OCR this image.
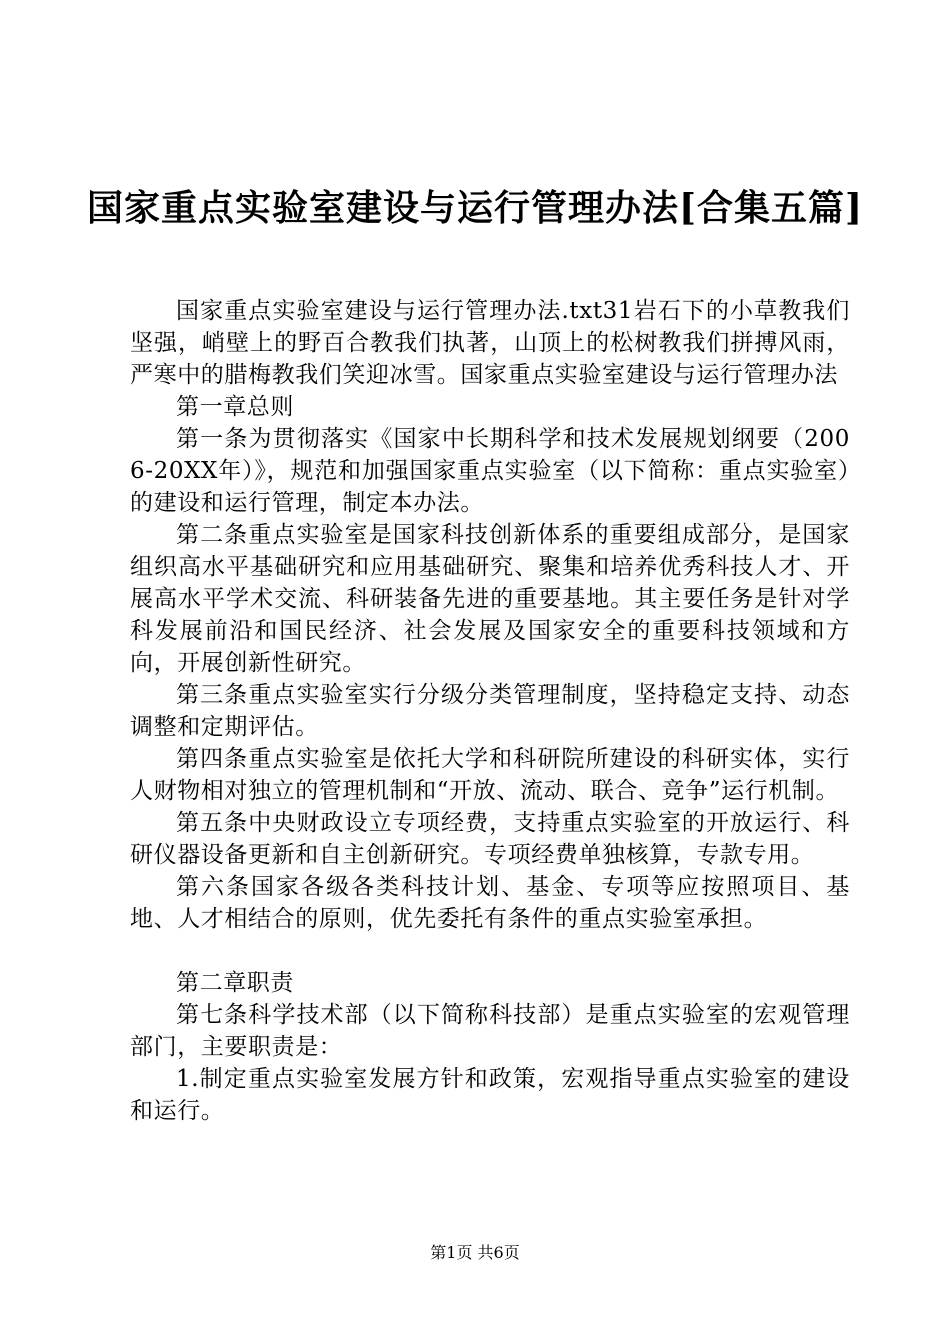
国家重点实验室建设与运行管理办法[合集五篇]

国家重点实验室建设与运行管理办法.txt31岩石下的小草教我们坚强，峭壁上的野百合教我们执著，山顶上的松树教我们拼搏风雨，严寒中的腊梅教我们笑迎冰雪。国家重点实验室建设与运行管理办法

第一章总则

第一条为贯彻落实《国家中长期科学和技术发展规划纲要（2006-20XX年）》，规范和加强国家重点实验室（以下简称：重点实验室）的建设和运行管理，制定本办法。

第二条重点实验室是国家科技创新体系的重要组成部分，是国家组织高水平基础研究和应用基础研究、聚集和培养优秀科技人才、开展高水平学术交流、科研装备先进的重要基地。其主要任务是针对学科发展前沿和国民经济、社会发展及国家安全的重要科技领域和方向，开展创新性研究。

第三条重点实验室实行分级分类管理制度，坚持稳定支持、动态调整和定期评估。

第四条重点实验室是依托大学和科研院所建设的科研实体，实行人财物相对独立的管理机制和“开放、流动、联合、竞争”运行机制。

第五条中央财政设立专项经费，支持重点实验室的开放运行、科研仪器设备更新和自主创新研究。专项经费单独核算，专款专用。

第六条国家各级各类科技计划、基金、专项等应按照项目、基地、人才相结合的原则，优先委托有条件的重点实验室承担。

第二章职责

第七条科学技术部（以下简称科技部）是重点实验室的宏观管理部门，主要职责是：

1.制定重点实验室发展方针和政策，宏观指导重点实验室的建设和运行。

第1页 共6页
